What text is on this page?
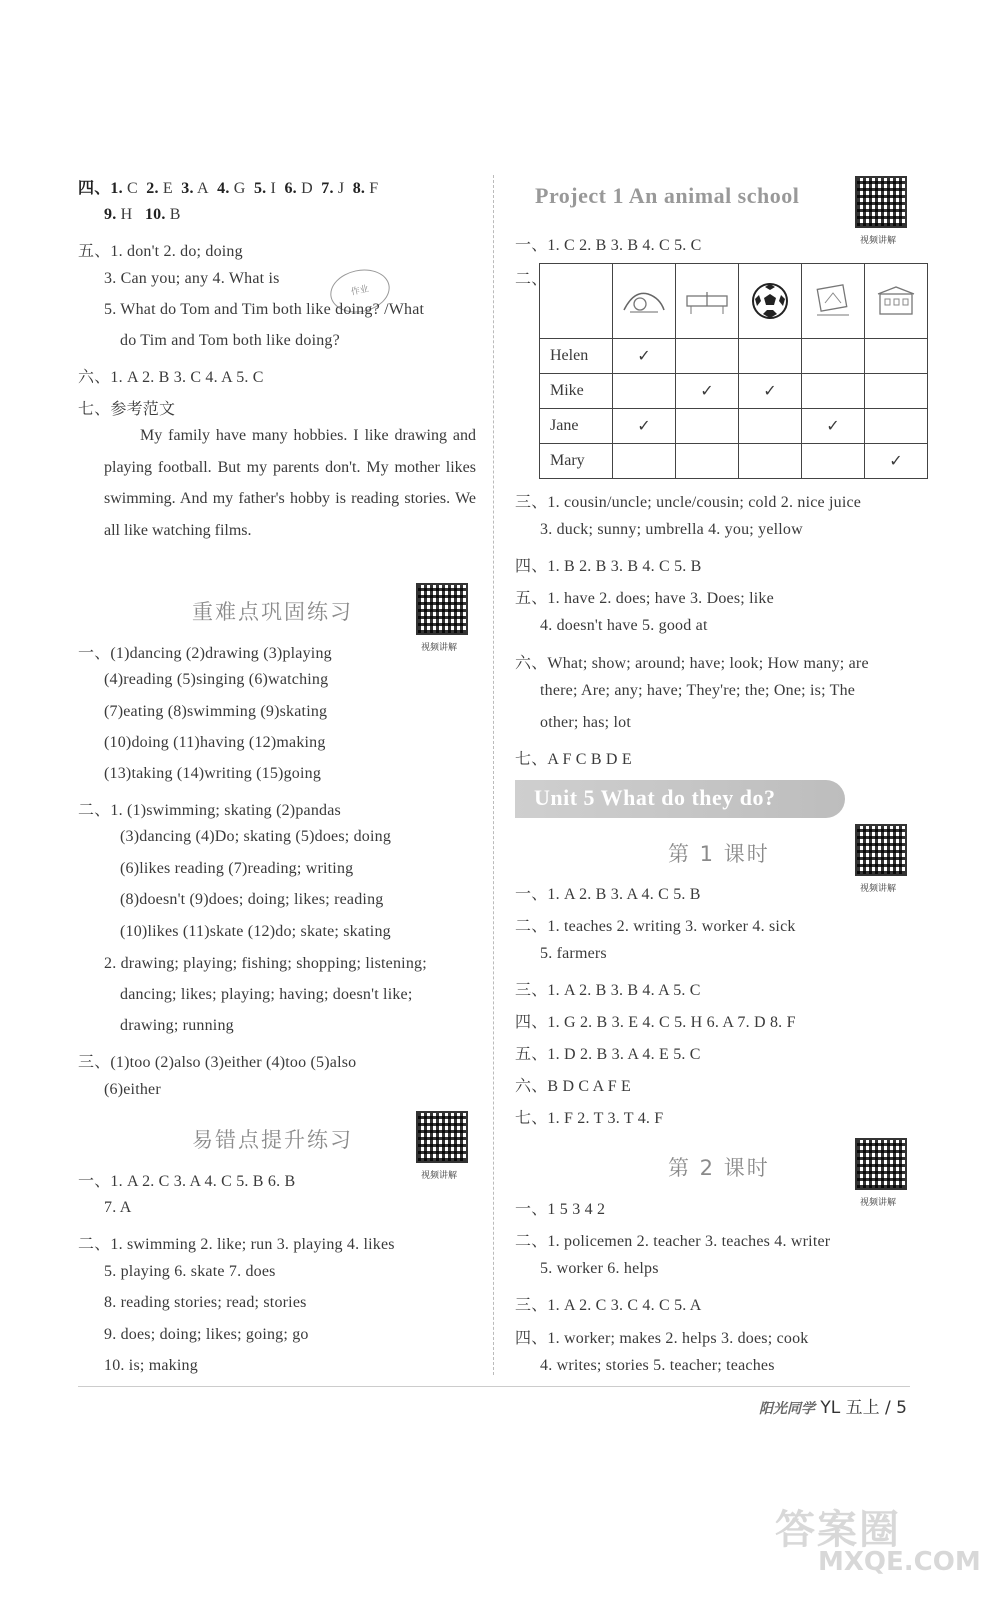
四、1. C  2. E  3. A  4. G  5. I  6. D  7. J  8. F
9. H   10. B
五、1. don't 2. do; doing
3. Can you; any 4. What is
作业
5. What do Tom and Tim both like doing? /What
do Tim and Tom both like doing?
六、1. A 2. B 3. C 4. A 5. C
七、参考范文
My family have many hobbies. I like drawing and playing football. But my parents don't. My mother likes swimming. And my father's hobby is reading stories. We all like watching films.
重难点巩固练习
视频讲解
一、(1)dancing (2)drawing (3)playing
(4)reading (5)singing (6)watching
(7)eating (8)swimming (9)skating
(10)doing (11)having (12)making
(13)taking (14)writing (15)going
二、1. (1)swimming; skating (2)pandas
(3)dancing (4)Do; skating (5)does; doing
(6)likes reading (7)reading; writing
(8)doesn't (9)does; doing; likes; reading
(10)likes (11)skate (12)do; skate; skating
2. drawing; playing; fishing; shopping; listening;
dancing; likes; playing; having; doesn't like;
drawing; running
三、(1)too (2)also (3)either (4)too (5)also
(6)either
易错点提升练习
视频讲解
一、1. A 2. C 3. A 4. C 5. B 6. B
7. A
二、1. swimming 2. like; run 3. playing 4. likes
5. playing 6. skate 7. does
8. reading stories; read; stories
9. does; doing; likes; going; go
10. is; making
Project 1 An animal school
视频讲解
一、1. C 2. B 3. B 4. C 5. C
二、

Helen	✓				
Mike		✓	✓		
Jane	✓			✓	
Mary					✓
三、1. cousin/uncle; uncle/cousin; cold 2. nice juice
3. duck; sunny; umbrella 4. you; yellow
四、1. B 2. B 3. B 4. C 5. B
五、1. have 2. does; have 3. Does; like
4. doesn't have 5. good at
六、What; show; around; have; look; How many; are
there; Are; any; have; They're; the; One; is; The
other; has; lot
七、A F C B D E
Unit 5 What do they do?
第 1 课时
视频讲解
一、1. A 2. B 3. A 4. C 5. B
二、1. teaches 2. writing 3. worker 4. sick
5. farmers
三、1. A 2. B 3. B 4. A 5. C
四、1. G 2. B 3. E 4. C 5. H 6. A 7. D 8. F
五、1. D 2. B 3. A 4. E 5. C
六、B D C A F E
七、1. F 2. T 3. T 4. F
第 2 课时
视频讲解
一、1 5 3 4 2
二、1. policemen 2. teacher 3. teaches 4. writer
5. worker 6. helps
三、1. A 2. C 3. C 4. C 5. A
四、1. worker; makes 2. helps 3. does; cook
4. writes; stories 5. teacher; teaches
阳光同学 YL 五上 / 5
答案圈
MXQE.COM
